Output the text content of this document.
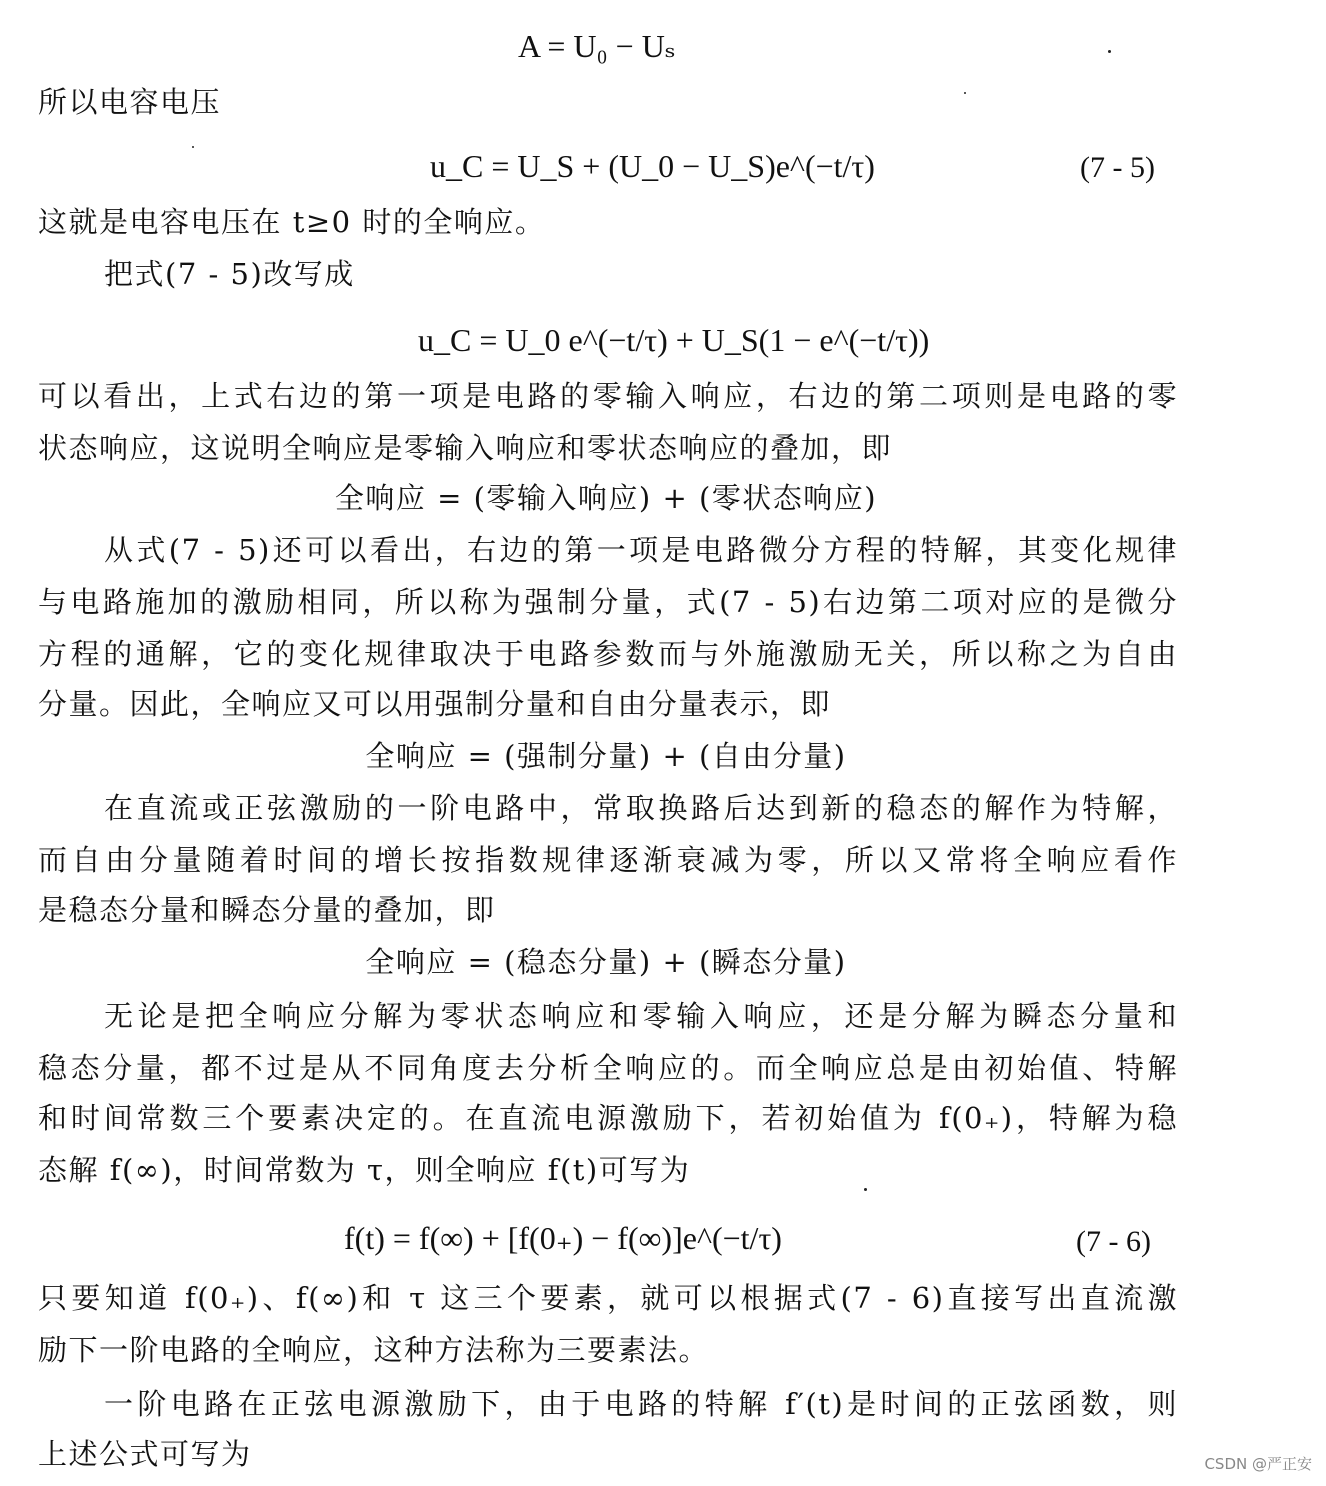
A = U₀ − Uₛ
所以电容电压
u_C = U_S + (U_0 − U_S)e^(−t/τ)	(7 - 5)
这就是电容电压在 t≥0 时的全响应。
把式(7 - 5)改写成
u_C = U_0 e^(−t/τ) + U_S(1 − e^(−t/τ))
可以看出，上式右边的第一项是电路的零输入响应，右边的第二项则是电路的零
状态响应，这说明全响应是零输入响应和零状态响应的叠加，即
全响应 = (零输入响应) + (零状态响应)
从式(7 - 5)还可以看出，右边的第一项是电路微分方程的特解，其变化规律
与电路施加的激励相同，所以称为强制分量，式(7 - 5)右边第二项对应的是微分
方程的通解，它的变化规律取决于电路参数而与外施激励无关，所以称之为自由
分量。因此，全响应又可以用强制分量和自由分量表示，即
全响应 = (强制分量) + (自由分量)
在直流或正弦激励的一阶电路中，常取换路后达到新的稳态的解作为特解，
而自由分量随着时间的增长按指数规律逐渐衰减为零，所以又常将全响应看作
是稳态分量和瞬态分量的叠加，即
全响应 = (稳态分量) + (瞬态分量)
无论是把全响应分解为零状态响应和零输入响应，还是分解为瞬态分量和
稳态分量，都不过是从不同角度去分析全响应的。而全响应总是由初始值、特解
和时间常数三个要素决定的。在直流电源激励下，若初始值为 f(0₊)，特解为稳
态解 f(∞)，时间常数为 τ，则全响应 f(t)可写为
f(t) = f(∞) + [f(0₊) − f(∞)]e^(−t/τ)	(7 - 6)
只要知道 f(0₊)、f(∞)和 τ 这三个要素，就可以根据式(7 - 6)直接写出直流激
励下一阶电路的全响应，这种方法称为三要素法。
一阶电路在正弦电源激励下，由于电路的特解 f′(t)是时间的正弦函数，则
上述公式可写为	CSDN @严正安
